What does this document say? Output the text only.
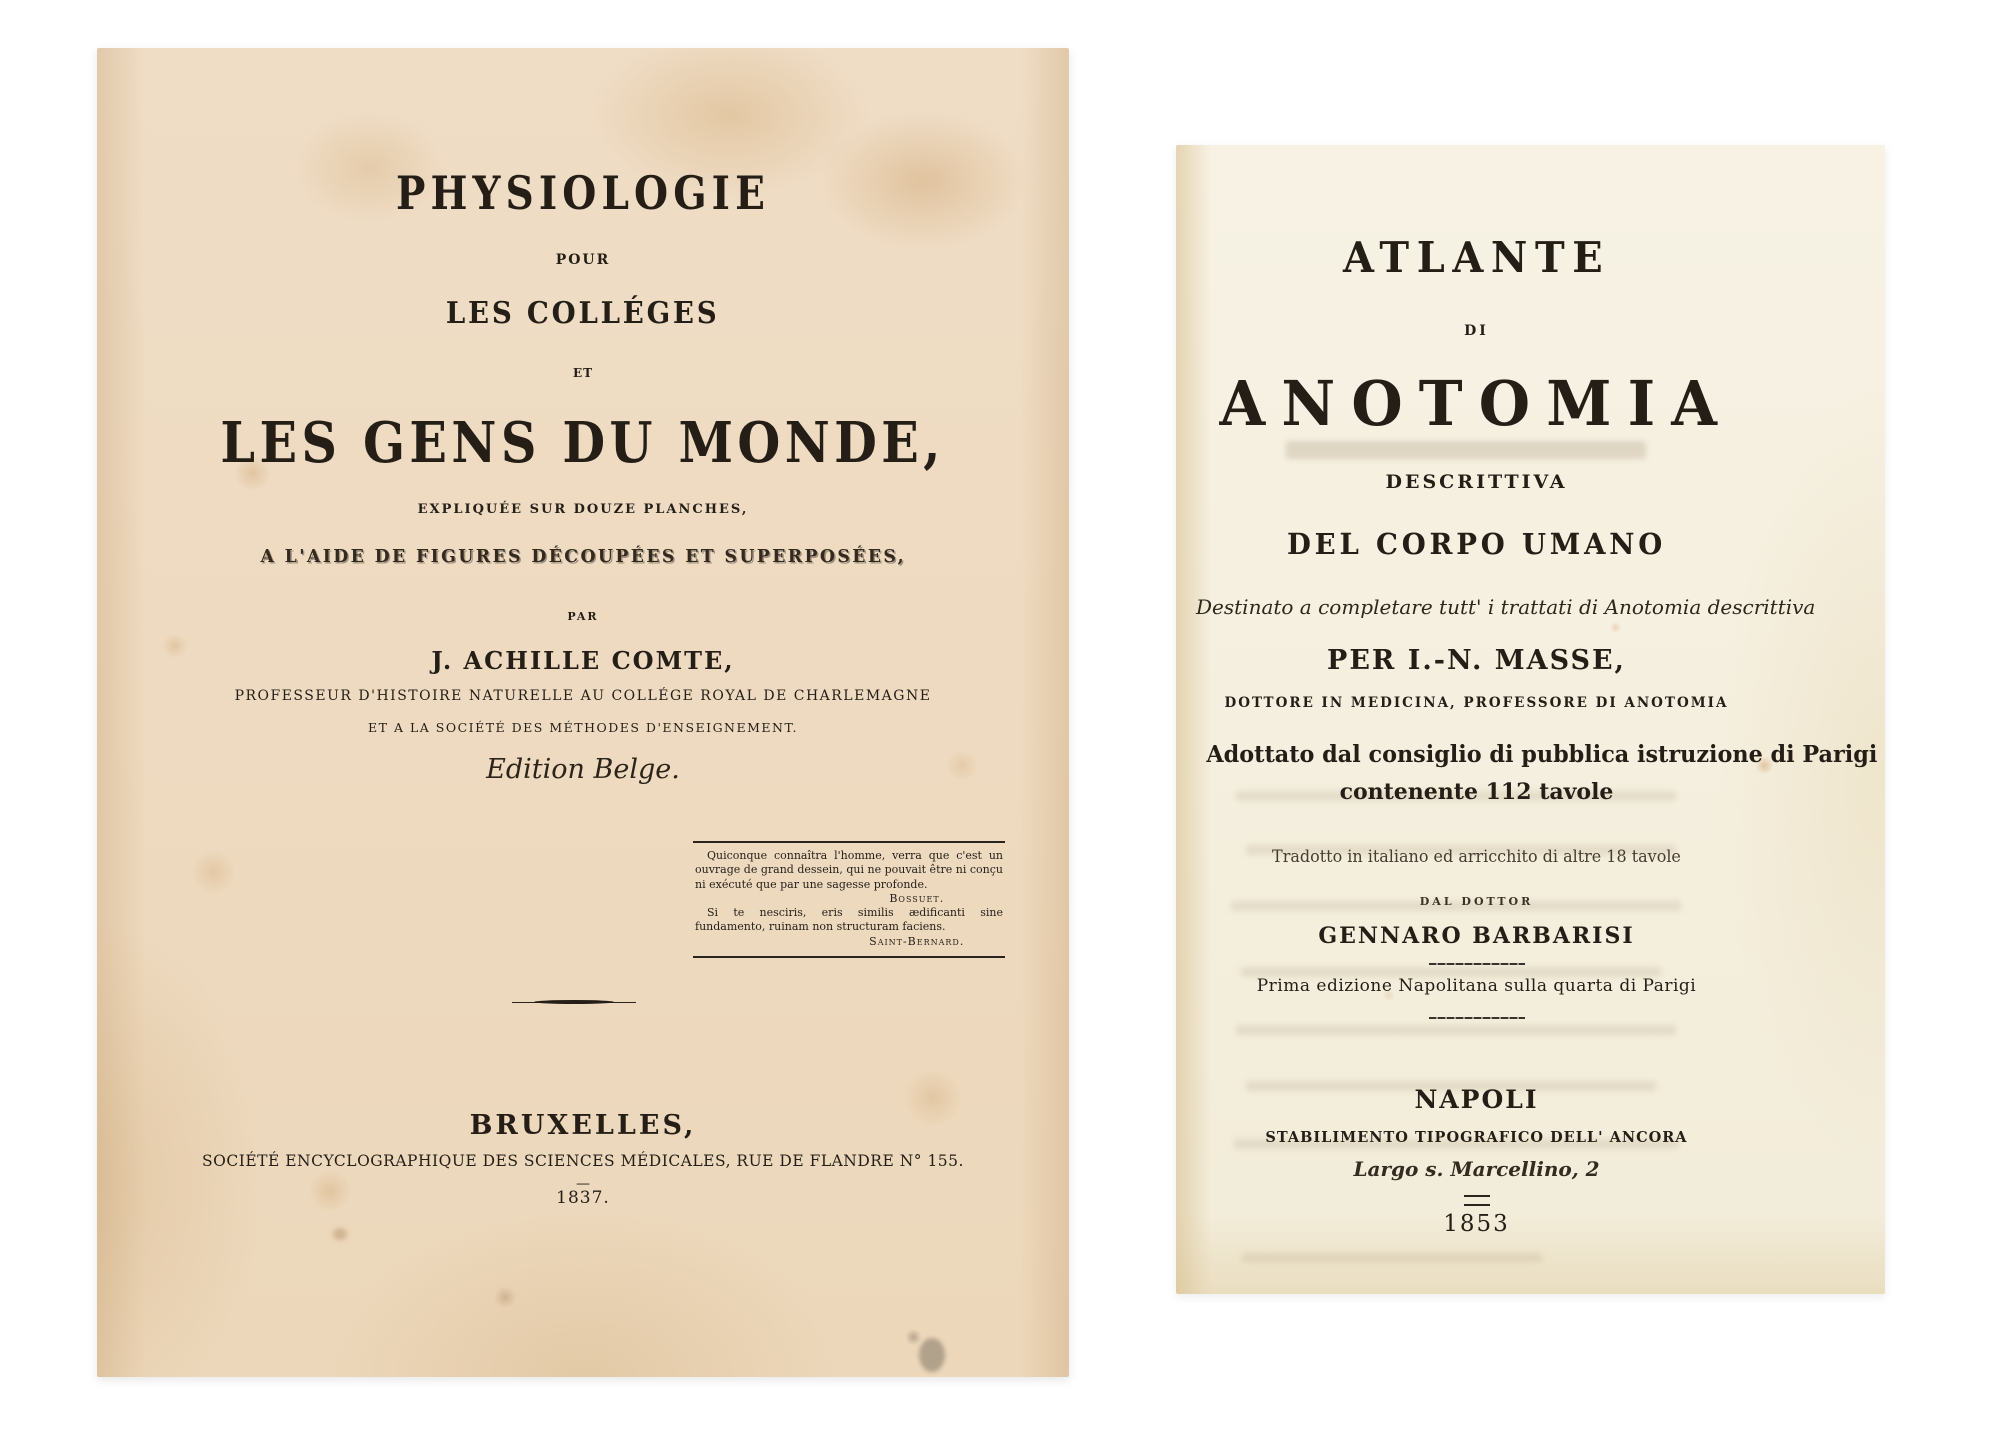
PHYSIOLOGIE
POUR
LES COLLÉGES
ET
LES GENS DU MONDE,
EXPLIQUÉE SUR DOUZE PLANCHES,
A L'AIDE DE FIGURES DÉCOUPÉES ET SUPERPOSÉES,
PAR
J. ACHILLE COMTE,
PROFESSEUR D'HISTOIRE NATURELLE AU COLLÉGE ROYAL DE CHARLEMAGNE
ET A LA SOCIÉTÉ DES MÉTHODES D'ENSEIGNEMENT.
Edition Belge.
Quiconque connaîtra l'homme, verra que c'est un ouvrage de grand dessein, qui ne pouvait être ni conçu ni exécuté que par une sagesse profonde.
Bossuet.
Si te nesciris, eris similis ædificanti sine fundamento, ruinam non structuram faciens.
Saint-Bernard.
BRUXELLES,
SOCIÉTÉ ENCYCLOGRAPHIQUE DES SCIENCES MÉDICALES, RUE DE FLANDRE N° 155.
—
1837.
ATLANTE
DI
ANOTOMIA
DESCRITTIVA
DEL CORPO UMANO
Destinato a completare tutt' i trattati di Anotomia descrittiva
PER I.-N. MASSE,
DOTTORE IN MEDICINA, PROFESSORE DI ANOTOMIA
Adottato dal consiglio di pubblica istruzione di Parigi
contenente 112 tavole
Tradotto in italiano ed arricchito di altre 18 tavole
DAL DOTTOR
GENNARO BARBARISI
Prima edizione Napolitana sulla quarta di Parigi
NAPOLI
STABILIMENTO TIPOGRAFICO DELL' ANCORA
Largo s. Marcellino, 2
1853
